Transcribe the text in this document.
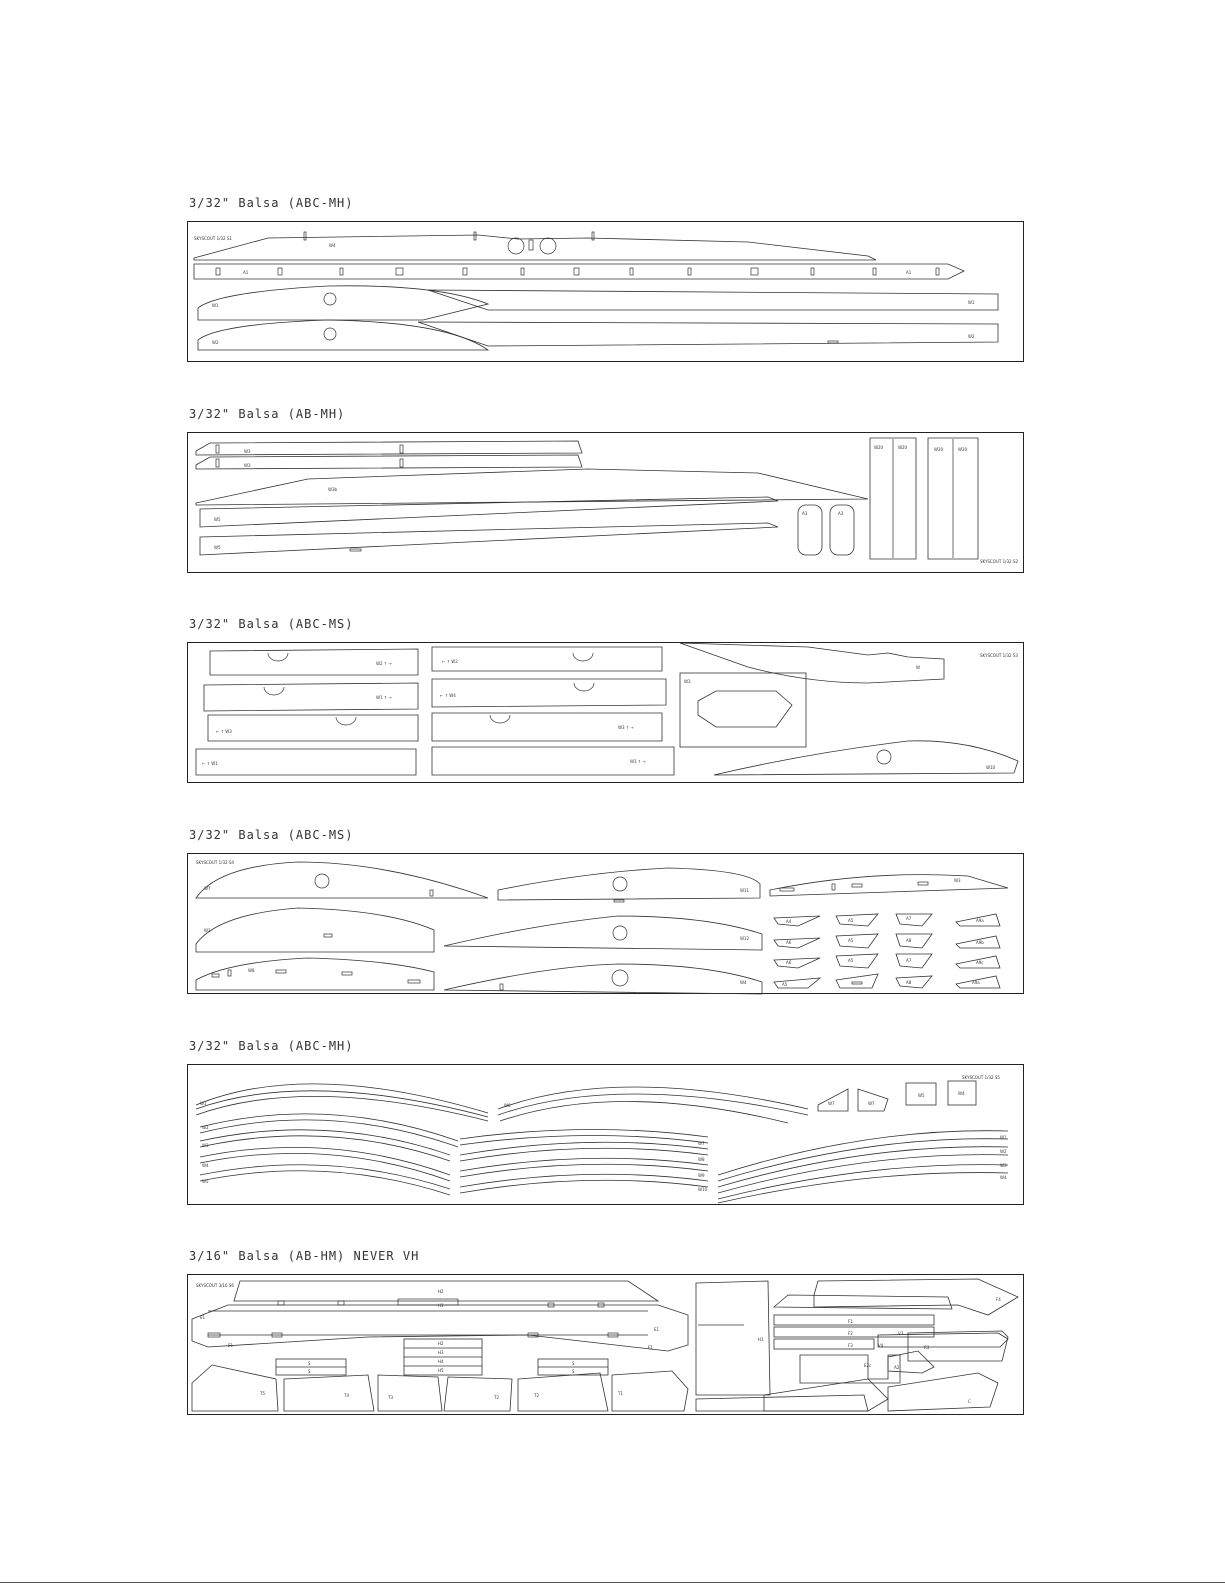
3/32" Balsa (ABC-MH)
SKYSCOUT 1/32 S1
W4
A1	A1
W1
W1
W2
W2
3/32" Balsa (AB-MH)
W3
W3
W3b
W5
W5
A3	A3
W20	W20	W20	W20
SKYSCOUT 1/32 S2
3/32" Balsa (ABC-MS)
W2 ↑ →	← ↑ W2
W1 ↑ →	← ↑ W4
← ↑ W3
W3 ↑ →
← ↑ W1	W3 ↑ →
W3
W
SKYSCOUT 1/32 S3
W10
3/32" Balsa (ABC-MS)
SKYSCOUT 1/32 S4
W7	W11
W3
W2
W12
W8
W4
A4	A5	A7	A9a
A6	A5	A8	A9b
A6	A5	A7	A9c
A5	A8	A9a
3/32" Balsa (ABC-MH)
SKYSCOUT 1/32 S5
W1
W2
W3
W4
W5
W6
W7
W8
W9
W10
W7	W7
W5	W4
W1
W2
W3
W4
3/16" Balsa (AB-HM) NEVER VH
SKYSCOUT 3/16 S6
H2
E1
H1
E1
E1
E1
H2
H3
H4
H5
S
S
S
S
T5	T4	T3	T2	T2	T1
H1
F4
F1
V3
F2
V4
F3	R3
E2c	A2
C
